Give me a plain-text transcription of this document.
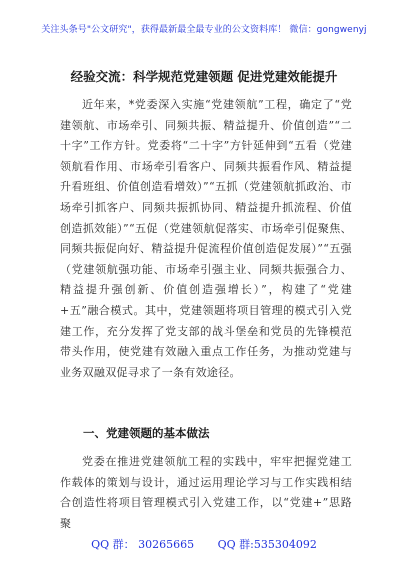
关注头条号"公文研究"，获得最新最全最专业的公文资料库！ 微信：gongwenyj
经验交流：科学规范党建领题 促进党建效能提升

近年来，*党委深入实施“党建领航”工程，确定了“党建领航、市场牵引、同频共振、精益提升、价值创造”“二十字”工作方针。党委将“二十字”方针延伸到“五看（党建领航看作用、市场牵引看客户、同频共振看作风、精益提升看班组、价值创造看增效）”“五抓（党建领航抓政治、市场牵引抓客户、同频共振抓协同、精益提升抓流程、价值创造抓效能）”“五促（党建领航促落实、市场牵引促聚焦、同频共振促向好、精益提升促流程价值创造促发展）”“五强（党建领航强功能、市场牵引强主业、同频共振强合力、精益提升强创新、价值创造强增长）”，构建了“党建+五”融合模式。其中，党建领题将项目管理的模式引入党建工作，充分发挥了党支部的战斗堡垒和党员的先锋模范带头作用，使党建有效融入重点工作任务，为推动党建与业务双融双促寻求了一条有效途径。

一、党建领题的基本做法

党委在推进党建领航工程的实践中，牢牢把握党建工作载体的策划与设计，通过运用理论学习与工作实践相结合创造性将项目管理模式引入党建工作，以“党建+”思路聚

QQ 群： 30265665 QQ 群:535304092
